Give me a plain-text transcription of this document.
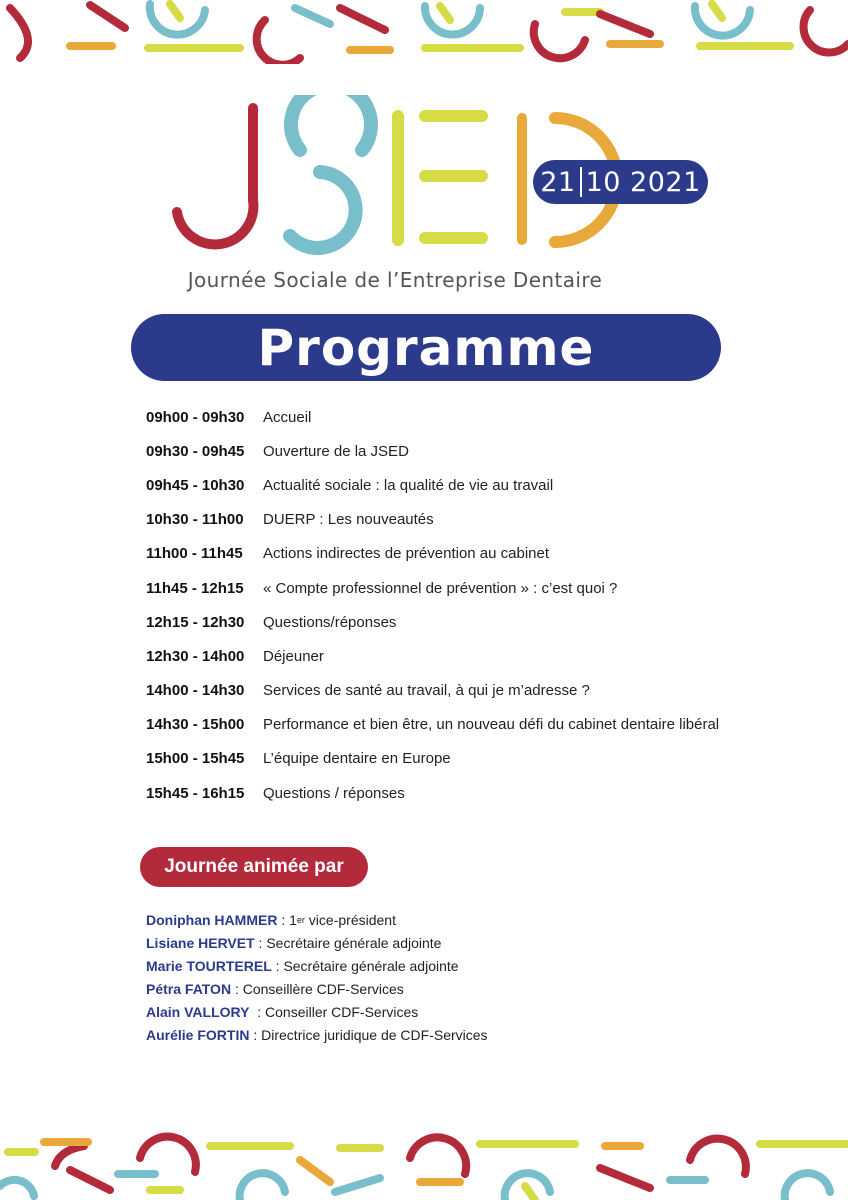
21 10 2021
Journée Sociale de l’Entreprise Dentaire
Programme
09h00 - 09h30	Accueil
09h30 - 09h45	Ouverture de la JSED
09h45 - 10h30	Actualité sociale : la qualité de vie au travail
10h30 - 11h00	DUERP : Les nouveautés
11h00 - 11h45	Actions indirectes de prévention au cabinet
11h45 - 12h15	« Compte professionnel de prévention » : c’est quoi ?
12h15 - 12h30	Questions/réponses
12h30 - 14h00	Déjeuner
14h00 - 14h30	Services de santé au travail, à qui je m’adresse ?
14h30 - 15h00	Performance et bien être, un nouveau défi du cabinet dentaire libéral
15h00 - 15h45	L’équipe dentaire en Europe
15h45 - 16h15	Questions / réponses
Journée animée par
Doniphan HAMMER : 1 er vice-président
Lisiane HERVET : Secrétaire générale adjointe
Marie TOURTEREL : Secrétaire générale adjointe
Pétra FATON : Conseillère CDF-Services
Alain VALLORY : Conseiller CDF-Services
Aurélie FORTIN : Directrice juridique de CDF-Services
